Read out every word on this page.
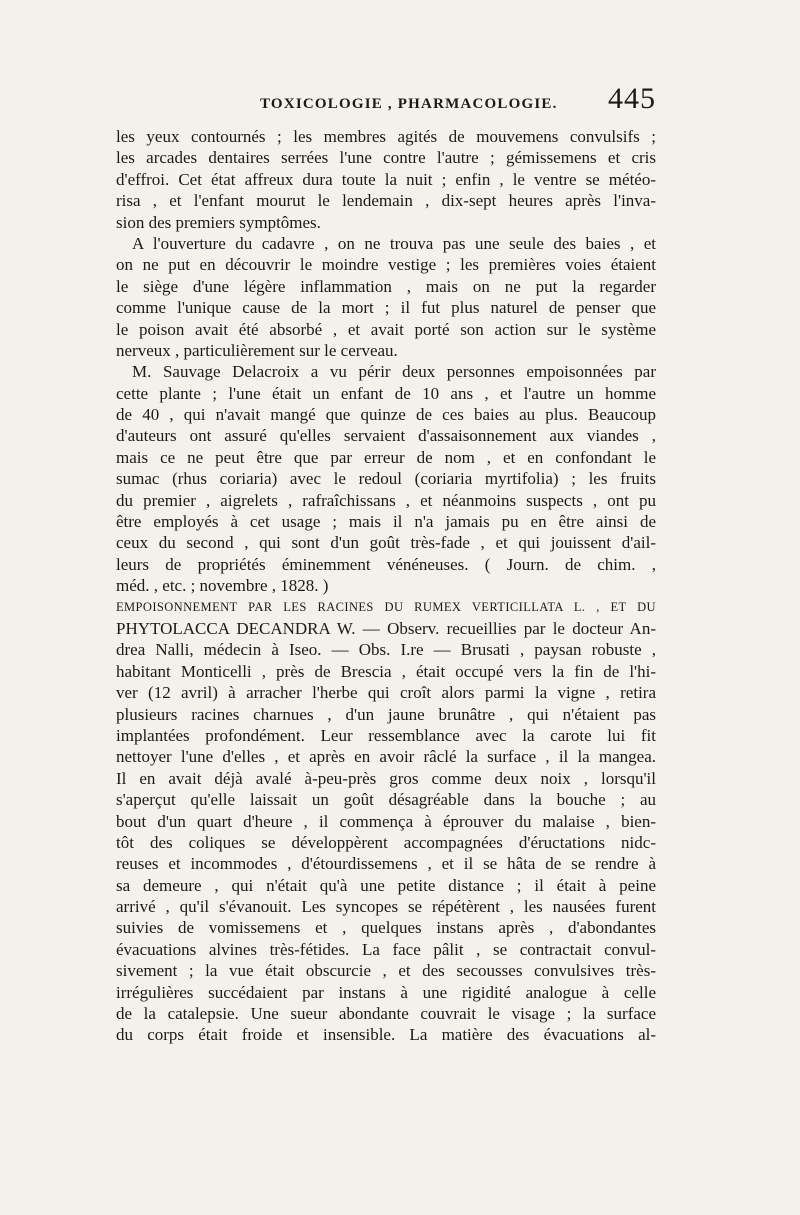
TOXICOLOGIE , PHARMACOLOGIE. 445
les yeux contournés ; les membres agités de mouvemens convulsifs ;
les arcades dentaires serrées l'une contre l'autre ; gémissemens et cris
d'effroi. Cet état affreux dura toute la nuit ; enfin , le ventre se météo-
risa , et l'enfant mourut le lendemain , dix-sept heures après l'inva-
sion des premiers symptômes.
A l'ouverture du cadavre , on ne trouva pas une seule des baies , et
on ne put en découvrir le moindre vestige ; les premières voies étaient
le siège d'une légère inflammation , mais on ne put la regarder
comme l'unique cause de la mort ; il fut plus naturel de penser que
le poison avait été absorbé , et avait porté son action sur le système
nerveux , particulièrement sur le cerveau.
M. Sauvage Delacroix a vu périr deux personnes empoisonnées par
cette plante ; l'une était un enfant de 10 ans , et l'autre un homme
de 40 , qui n'avait mangé que quinze de ces baies au plus. Beaucoup
d'auteurs ont assuré qu'elles servaient d'assaisonnement aux viandes ,
mais ce ne peut être que par erreur de nom , et en confondant le
sumac (rhus coriaria) avec le redoul (coriaria myrtifolia) ; les fruits
du premier , aigrelets , rafraîchissans , et néanmoins suspects , ont pu
être employés à cet usage ; mais il n'a jamais pu en être ainsi de
ceux du second , qui sont d'un goût très-fade , et qui jouissent d'ail-
leurs de propriétés éminemment vénéneuses. ( Journ. de chim. ,
méd. , etc. ; novembre , 1828. )
EMPOISONNEMENT PAR LES RACINES DU RUMEX VERTICILLATA L. , ET DU
PHYTOLACCA DECANDRA W. — Observ. recueillies par le docteur An-
drea Nalli, médecin à Iseo. — Obs. I.re — Brusati , paysan robuste ,
habitant Monticelli , près de Brescia , était occupé vers la fin de l'hi-
ver (12 avril) à arracher l'herbe qui croît alors parmi la vigne , retira
plusieurs racines charnues , d'un jaune brunâtre , qui n'étaient pas
implantées profondément. Leur ressemblance avec la carote lui fit
nettoyer l'une d'elles , et après en avoir râclé la surface , il la mangea.
Il en avait déjà avalé à-peu-près gros comme deux noix , lorsqu'il
s'aperçut qu'elle laissait un goût désagréable dans la bouche ; au
bout d'un quart d'heure , il commença à éprouver du malaise , bien-
tôt des coliques se développèrent accompagnées d'éructations nidc-
reuses et incommodes , d'étourdissemens , et il se hâta de se rendre à
sa demeure , qui n'était qu'à une petite distance ; il était à peine
arrivé , qu'il s'évanouit. Les syncopes se répétèrent , les nausées furent
suivies de vomissemens et , quelques instans après , d'abondantes
évacuations alvines très-fétides. La face pâlit , se contractait convul-
sivement ; la vue était obscurcie , et des secousses convulsives très-
irrégulières succédaient par instans à une rigidité analogue à celle
de la catalepsie. Une sueur abondante couvrait le visage ; la surface
du corps était froide et insensible. La matière des évacuations al-
